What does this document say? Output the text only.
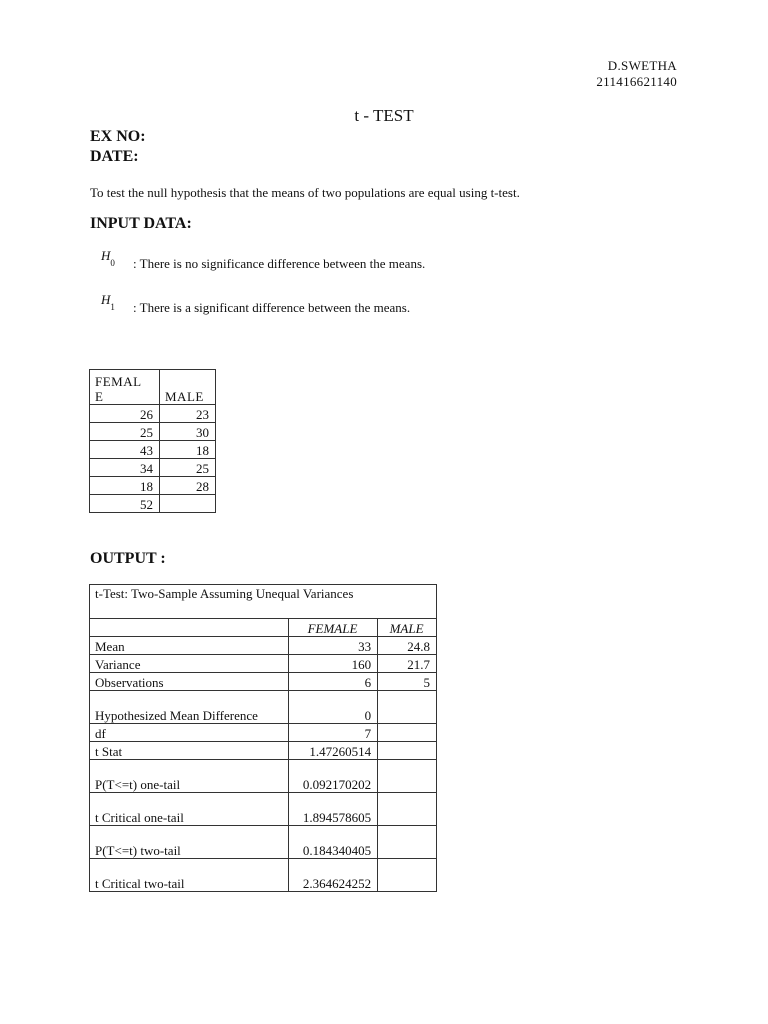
D.SWETHA
211416621140
t - TEST
EX NO:
DATE:
To test the null hypothesis that the means of two populations are equal using t-test.
INPUT DATA:
$H_0$ : There is no significance difference between the means.
$H_1$ : There is a significant difference between the means.
FEMAL E	MALE
26	23
25	30
43	18
34	25
18	28
52	
OUTPUT :
t-Test: Two-Sample Assuming Unequal Variances		
	FEMALE	MALE
Mean	33	24.8
Variance	160	21.7
Observations	6	5
Hypothesized Mean Difference	0	
df	7	
t Stat	1.47260514	
P(T<=t) one-tail	0.092170202	
t Critical one-tail	1.894578605	
P(T<=t) two-tail	0.184340405	
t Critical two-tail	2.364624252	
